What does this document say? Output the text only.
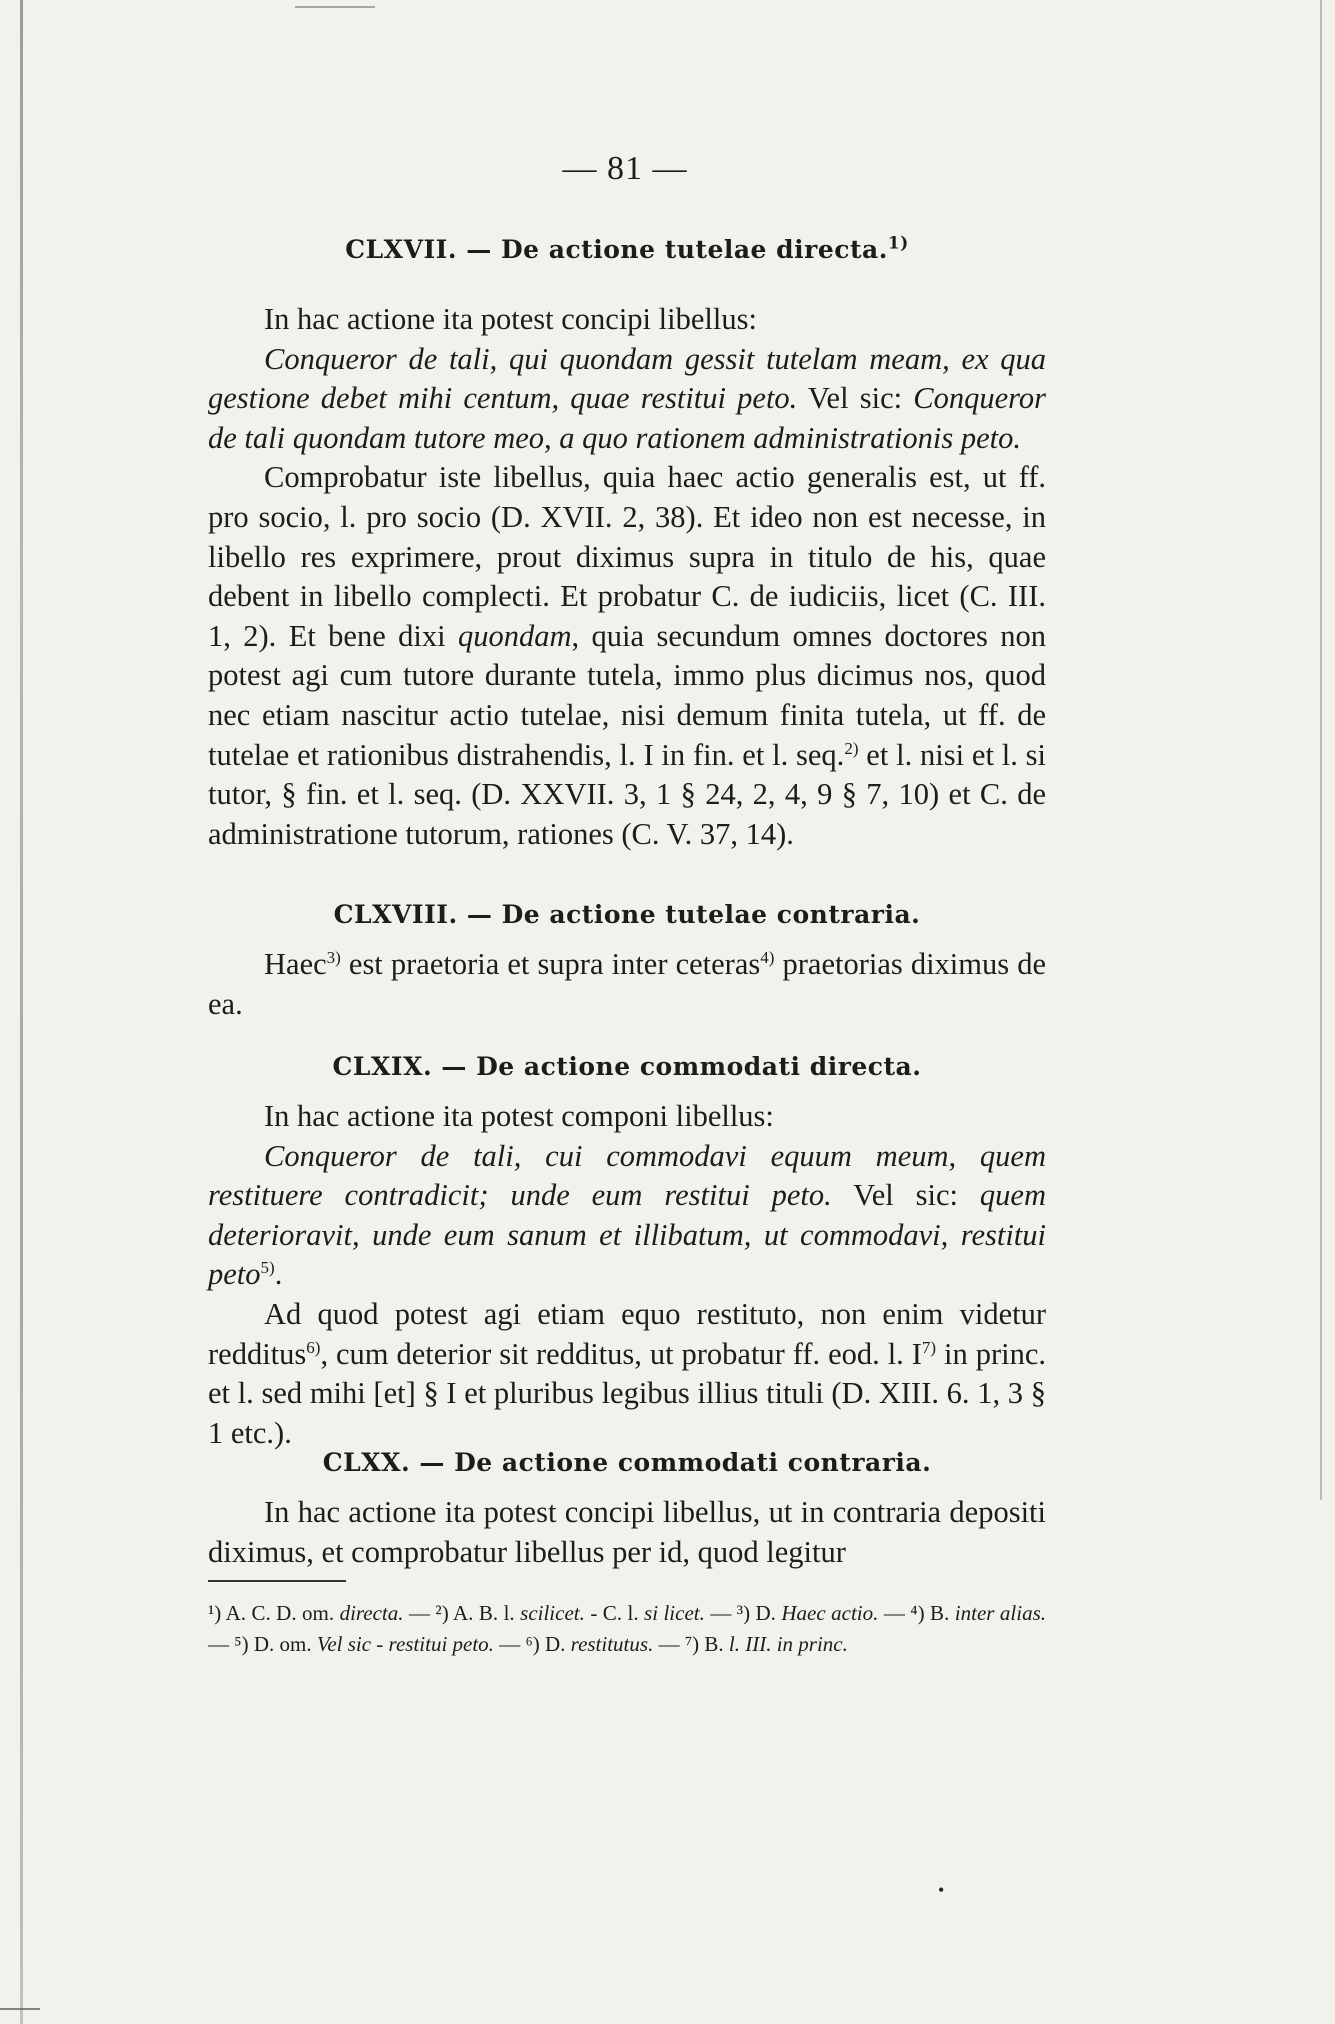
•
— 81 —
CLXVII. — De actione tutelae directa.$^{1)}$

In hac actione ita potest concipi libellus:

Conqueror de tali, qui quondam gessit tutelam meam, ex qua gestione debet mihi centum, quae restitui peto. Vel sic: Conqueror de tali quondam tutore meo, a quo rationem administrationis peto.

Comprobatur iste libellus, quia haec actio generalis est, ut ff. pro socio, l. pro socio (D. XVII. 2, 38). Et ideo non est necesse, in libello res exprimere, prout diximus supra in titulo de his, quae debent in libello complecti. Et probatur C. de iudiciis, licet (C. III. 1, 2). Et bene dixi quondam, quia secundum omnes doctores non potest agi cum tutore durante tutela, immo plus dicimus nos, quod nec etiam nascitur actio tutelae, nisi demum finita tutela, ut ff. de tutelae et rationibus distrahendis, l. I in fin. et l. seq.$^{2)}$ et l. nisi et l. si tutor, § fin. et l. seq. (D. XXVII. 3, 1 § 24, 2, 4, 9 § 7, 10) et C. de administratione tutorum, rationes (C. V. 37, 14).

CLXVIII. — De actione tutelae contraria.

Haec$^{3)}$ est praetoria et supra inter ceteras$^{4)}$ praetorias diximus de ea.

CLXIX. — De actione commodati directa.

In hac actione ita potest componi libellus:

Conqueror de tali, cui commodavi equum meum, quem restituere contradicit; unde eum restitui peto. Vel sic: quem deterioravit, unde eum sanum et illibatum, ut commodavi, restitui peto$^{5)}$.

Ad quod potest agi etiam equo restituto, non enim videtur redditus$^{6)}$, cum deterior sit redditus, ut probatur ff. eod. l. $I^{7)}$ in princ. et l. sed mihi [et] § I et pluribus legibus illius tituli (D. XIII. 6. 1, 3 § 1 etc.).

CLXX. — De actione commodati contraria.

In hac actione ita potest concipi libellus, ut in contraria depositi diximus, et comprobatur libellus per id, quod legitur

¹) A. C. D. om. directa. — ²) A. B. l. scilicet. - C. l. si licet. — ³) D. Haec actio. — ⁴) B. inter alias. — ⁵) D. om. Vel sic - restitui peto. — ⁶) D. restitutus. — ⁷) B. l. III. in princ.
